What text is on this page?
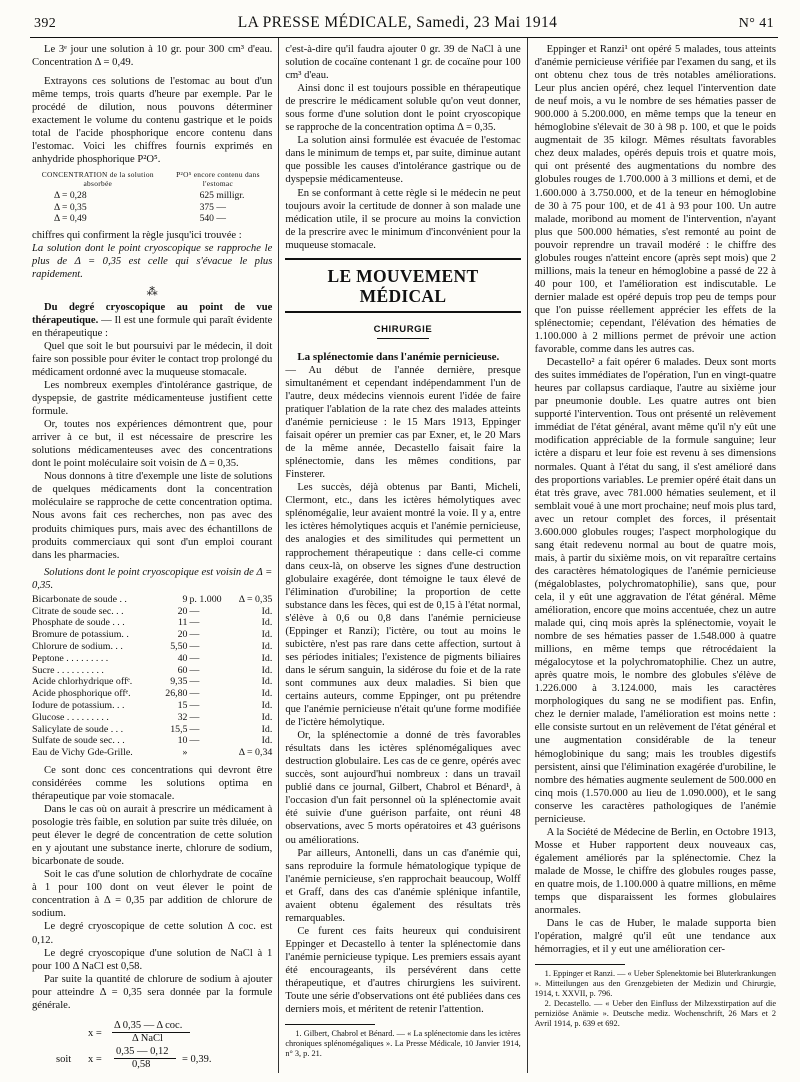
392	LA PRESSE MÉDICALE, Samedi, 23 Mai 1914	N° 41

Le 3ᵉ jour une solution à 10 gr. pour 300 cm³ d'eau. Concentration Δ = 0,49.

Extrayons ces solutions de l'estomac au bout d'un même temps, trois quarts d'heure par exemple. Par le procédé de dilution, nous pouvons déterminer exactement le volume du contenu gastrique et le poids total de l'acide phosphorique encore contenu dans l'estomac. Voici les chiffres fournis exprimés en anhydride phosphorique P²O⁵.

CONCENTRATION de la solution absorbée	P²O⁵ encore contenu dans l'estomac
Δ = 0,28	625 milligr.
Δ = 0,35	375 —
Δ = 0,49	540 —

chiffres qui confirment la règle jusqu'ici trouvée :

La solution dont le point cryoscopique se rapproche le plus de Δ = 0,35 est celle qui s'évacue le plus rapidement.

⁂

Du degré cryoscopique au point de vue thérapeutique. — Il est une formule qui paraît évidente en thérapeutique :

Quel que soit le but poursuivi par le médecin, il doit faire son possible pour éviter le contact trop prolongé du médicament ordonné avec la muqueuse stomacale.

Les nombreux exemples d'intolérance gastrique, de dyspepsie, de gastrite médicamenteuse justifient cette formule.

Or, toutes nos expériences démontrent que, pour arriver à ce but, il est nécessaire de prescrire les solutions médicamenteuses avec des concentrations dont le point moléculaire soit voisin de Δ = 0,35.

Nous donnons à titre d'exemple une liste de solutions de quelques médicaments dont la concentration moléculaire se rapproche de cette concentration optima. Nous avons fait ces recherches, non pas avec des produits chimiques purs, mais avec des échantillons de produits commerciaux qui sont d'un emploi courant dans les pharmacies.

Solutions dont le point cryoscopique est voisin de Δ = 0,35.

Bicarbonate de soude . .	9	p. 1.000	Δ = 0,35
Citrate de soude sec. . .	20	—	Id.
Phosphate de soude . . .	11	—	Id.
Bromure de potassium. .	20	—	Id.
Chlorure de sodium. . .	5,50	—	Id.
Peptone . . . . . . . . .	40	—	Id.
Sucre . . . . . . . . . .	60	—	Id.
Acide chlorhydrique offᵉ.	9,35	—	Id.
Acide phosphorique offᵉ.	26,80	—	Id.
Iodure de potassium. . .	15	—	Id.
Glucose . . . . . . . . .	32	—	Id.
Salicylate de soude . . .	15,5	—	Id.
Sulfate de soude sec. . .	10	—	Id.
Eau de Vichy Gde-Grille.	»		Δ = 0,34

Ce sont donc ces concentrations qui devront être considérées comme les solutions optima en thérapeutique par voie stomacale.

Dans le cas où on aurait à prescrire un médicament à posologie très faible, en solution par suite très diluée, on peut élever le degré de concentration de cette solution en y ajoutant une substance inerte, chlorure de sodium, bicarbonate de soude.

Soit le cas d'une solution de chlorhydrate de cocaïne à 1 pour 100 dont on veut élever le point de concentration à Δ = 0,35 par addition de chlorure de sodium.

Le degré cryoscopique de cette solution Δ coc. est 0,12.

Le degré cryoscopique d'une solution de NaCl à 1 pour 100 Δ NaCl est 0,58.

Par suite la quantité de chlorure de sodium à ajouter pour atteindre Δ = 0,35 sera donnée par la formule générale.

x =
Δ 0,35 — Δ coc.
Δ NaCl
soit x =
0,35 — 0,12
0,58	= 0,39.

c'est-à-dire qu'il faudra ajouter 0 gr. 39 de NaCl à une solution de cocaïne contenant 1 gr. de cocaïne pour 100 cm³ d'eau.

Ainsi donc il est toujours possible en thérapeutique de prescrire le médicament soluble qu'on veut donner, sous forme d'une solution dont le point cryoscopique se rapproche de la concentration optima Δ = 0,35.

La solution ainsi formulée est évacuée de l'estomac dans le minimum de temps et, par suite, diminue autant que possible les causes d'intolérance gastrique ou de dyspepsie médicamenteuse.

En se conformant à cette règle si le médecin ne peut toujours avoir la certitude de donner à son malade une médication utile, il se procure au moins la conviction de la prescrire avec le minimum d'inconvénient pour la muqueuse stomacale.

LE MOUVEMENT MÉDICAL
CHIRURGIE

La splénectomie dans l'anémie pernicieuse.

— Au début de l'année dernière, presque simultanément et cependant indépendamment l'un de l'autre, deux médecins viennois eurent l'idée de faire pratiquer l'ablation de la rate chez des malades atteints d'anémie pernicieuse : le 15 Mars 1913, Eppinger faisait opérer un premier cas par Exner, et, le 20 Mars de la même année, Decastello faisait faire la splénectomie, dans les mêmes conditions, par Finsterer.

Les succès, déjà obtenus par Banti, Micheli, Clermont, etc., dans les ictères hémolytiques avec splénomégalie, leur avaient montré la voie. Il y a, entre les ictères hémolytiques acquis et l'anémie pernicieuse, des analogies et des similitudes qui permettent un rapprochement thérapeutique : dans celle-ci comme dans ceux-là, on observe les signes d'une destruction globulaire exagérée, dont témoigne le taux élevé de l'élimination d'urobiline; la proportion de cette substance dans les fèces, qui est de 0,15 à l'état normal, s'élève à 0,6 ou 0,8 dans l'anémie pernicieuse (Eppinger et Ranzi); l'ictère, ou tout au moins le subictère, n'est pas rare dans cette affection, surtout à ses périodes initiales; l'existence de pigments biliaires dans le sérum sanguin, la sidérose du foie et de la rate sont communes aux deux maladies. Si bien que certains auteurs, comme Eppinger, ont pu prétendre que l'anémie pernicieuse n'était qu'une forme modifiée de l'ictère hémolytique.

Or, la splénectomie a donné de très favorables résultats dans les ictères splénomégaliques avec destruction globulaire. Les cas de ce genre, opérés avec succès, sont aujourd'hui nombreux : dans un travail publié dans ce journal, Gilbert, Chabrol et Bénard¹, à l'occasion d'un fait personnel où la splénectomie avait été suivie d'une guérison parfaite, ont réuni 48 observations, avec 5 morts opératoires et 43 guérisons ou améliorations.

Par ailleurs, Antonelli, dans un cas d'anémie qui, sans reproduire la formule hématologique typique de l'anémie pernicieuse, s'en rapprochait beaucoup, Wolff et Graff, dans des cas d'anémie splénique infantile, avaient obtenu également des résultats très remarquables.

Ce furent ces faits heureux qui conduisirent Eppinger et Decastello à tenter la splénectomie dans l'anémie pernicieuse typique. Les premiers essais ayant été encourageants, ils persévérent dans cette thérapeutique, et d'autres chirurgiens les suivirent. Toute une série d'observations ont été publiées dans ces derniers mois, et méritent de retenir l'attention.

1. Gilbert, Chabrol et Bénard. — « La splénectomie dans les ictères chroniques splénomégaliques ». La Presse Médicale, 10 Janvier 1914, n° 3, p. 21.

Eppinger et Ranzi¹ ont opéré 5 malades, tous atteints d'anémie pernicieuse vérifiée par l'examen du sang, et ils ont obtenu chez tous de très notables améliorations. Leur plus ancien opéré, chez lequel l'intervention date de neuf mois, a vu le nombre de ses hématies passer de 900.000 à 5.200.000, en même temps que la teneur en hémoglobine s'élevait de 30 à 98 p. 100, et que le poids augmentait de 35 kilogr. Mêmes résultats favorables chez deux malades, opérés depuis trois et quatre mois, qui ont présenté des augmentations du nombre des globules rouges de 1.700.000 à 3 millions et demi, et de 1.600.000 à 3.750.000, et de la teneur en hémoglobine de 30 à 75 pour 100, et de 41 à 93 pour 100. Un autre malade, moribond au moment de l'intervention, n'ayant plus que 500.000 hématies, s'est remonté au point de pouvoir reprendre un travail modéré : le chiffre des globules rouges n'atteint encore (après sept mois) que 2 millions, mais la teneur en hémoglobine a passé de 22 à 40 pour 100, et l'amélioration est indiscutable. Le dernier malade est opéré depuis trop peu de temps pour que l'on puisse réellement apprécier les effets de la splénectomie; cependant, l'élévation des hématies de 1.100.000 à 2 millions permet de prévoir une action favorable, comme dans les autres cas.

Decastello² a fait opérer 6 malades. Deux sont morts des suites immédiates de l'opération, l'un en vingt-quatre heures par collapsus cardiaque, l'autre au sixième jour par pneumonie double. Les quatre autres ont bien supporté l'intervention. Tous ont présenté un relèvement immédiat de l'état général, avant même qu'il n'y eût une modification appréciable de la formule sanguine; leur ictère a disparu et leur foie est revenu à ses dimensions normales. Quant à l'état du sang, il s'est amélioré dans des proportions variables. Le premier opéré était dans un état très grave, avec 781.000 hématies seulement, et il semblait voué à une mort prochaine; neuf mois plus tard, avec un retour complet des forces, il présentait 3.600.000 globules rouges; l'aspect morphologique du sang était redevenu normal au bout de quatre mois, mais, à partir du sixième mois, on vit reparaître certains des caractères hématologiques de l'anémie pernicieuse (mégaloblastes, polychromatophilie), sans que, pour cela, il y eût une aggravation de l'état général. Même amélioration, encore que moins accentuée, chez un autre malade qui, cinq mois après la splénectomie, voyait le nombre de ses hématies passer de 1.548.000 à quatre millions, en même temps que rétrocédaient la mégalocytose et la polychromatophilie. Chez un autre, après quatre mois, le nombre des globules s'élève de 1.226.000 à 3.124.000, mais les caractères morphologiques du sang ne se modifient pas. Enfin, chez le dernier malade, l'amélioration est moins nette : elle consiste surtout en un relèvement de l'état général et une augmentation considérable de la teneur hémoglobinique du sang; mais les troubles digestifs persistent, ainsi que l'élimination exagérée d'urobiline, le nombre des hématies augmente seulement de 500.000 en cinq mois (1.570.000 au lieu de 1.090.000), et le sang conserve les caractères pathologiques de l'anémie pernicieuse.

A la Société de Médecine de Berlin, en Octobre 1913, Mosse et Huber rapportent deux nouveaux cas, également améliorés par la splénectomie. Chez la malade de Mosse, le chiffre des globules rouges passe, en quatre mois, de 1.100.000 à quatre millions, en même temps que disparaissent les formes globulaires anormales.

Dans le cas de Huber, le malade supporta bien l'opération, malgré qu'il eût une tendance aux hémorragies, et il y eut une amélioration cer-

1. Eppinger et Ranzi. — « Ueber Splenektomie bei Bluterkrankungen ». Mitteilungen aus den Grenzgebieten der Medizin und Chirurgie, 1914, t. XXVII, p. 796.

2. Decastello. — « Ueber den Einfluss der Milzexstirpation auf die perniziöse Anämie ». Deutsche mediz. Wochenschrift, 26 Mars et 2 Avril 1914, p. 639 et 692.
